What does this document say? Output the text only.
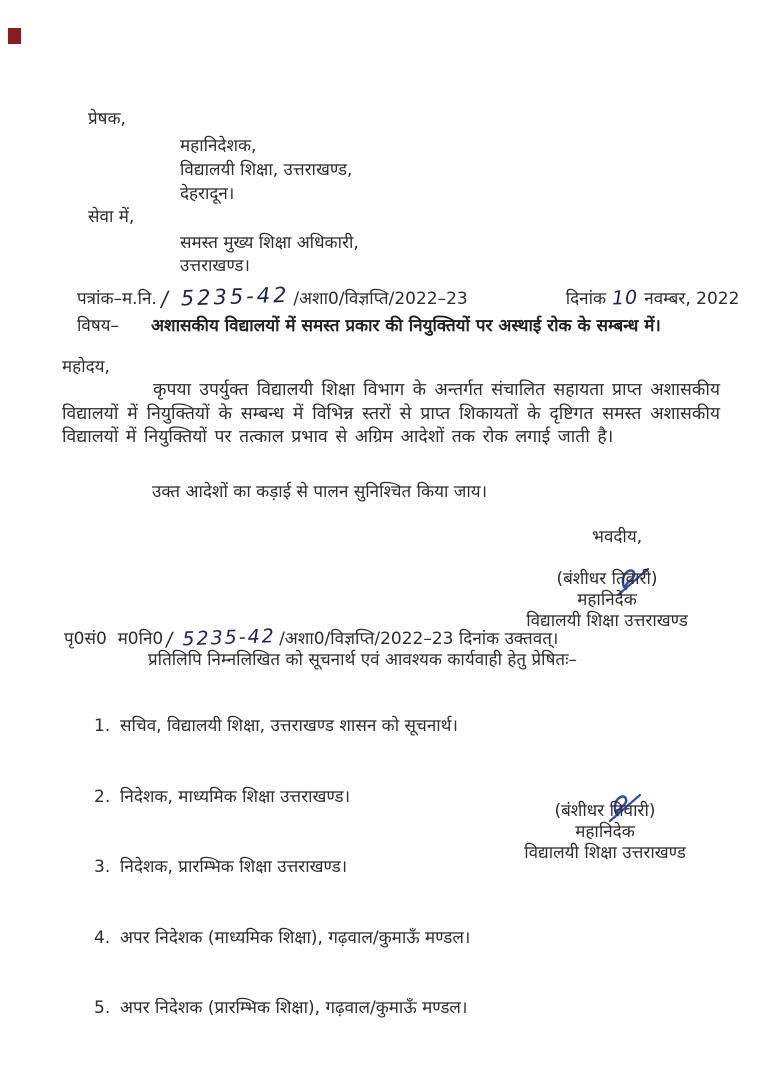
प्रेषक,
महानिदेशक,
विद्यालयी शिक्षा, उत्तराखण्ड,
देहरादून।
सेवा में,
समस्त मुख्य शिक्षा अधिकारी,
उत्तराखण्ड।
पत्रांक–म.नि. / 5235-42 /अशा0/विज्ञप्ति/2022–23	दिनांक 10 नवम्बर, 2022
विषय– अशासकीय विद्यालयों में समस्त प्रकार की नियुक्तियों पर अस्थाई रोक के सम्बन्ध में।
महोदय,

कृपया उपर्युक्त विद्यालयी शिक्षा विभाग के अन्तर्गत संचालित सहायता प्राप्त अशासकीय विद्यालयों में नियुक्तियों के सम्बन्ध में विभिन्न स्तरों से प्राप्त शिकायतों के दृष्टिगत समस्त अशासकीय विद्यालयों में नियुक्तियों पर तत्काल प्रभाव से अग्रिम आदेशों तक रोक लगाई जाती है।

उक्त आदेशों का कड़ाई से पालन सुनिश्चित किया जाय।
भवदीय,

(बंशीधर तिवारी)
महानिदेक
विद्यालयी शिक्षा उत्तराखण्ड
पृ0सं0  म0नि0 / 5235-42 /अशा0/विज्ञप्ति/2022–23 दिनांक उक्तवत्।
प्रतिलिपि निम्नलिखित को सूचनार्थ एवं आवश्यक कार्यवाही हेतु प्रेषितः–

1. सचिव, विद्यालयी शिक्षा, उत्तराखण्ड शासन को सूचनार्थ।

2. निदेशक, माध्यमिक शिक्षा उत्तराखण्ड।

3. निदेशक, प्रारम्भिक शिक्षा उत्तराखण्ड।

4. अपर निदेशक (माध्यमिक शिक्षा), गढ़वाल/कुमाऊँ मण्डल।

5. अपर निदेशक (प्रारम्भिक शिक्षा), गढ़वाल/कुमाऊँ मण्डल।

(बंशीधर तिवारी)
महानिदेक
विद्यालयी शिक्षा उत्तराखण्ड
